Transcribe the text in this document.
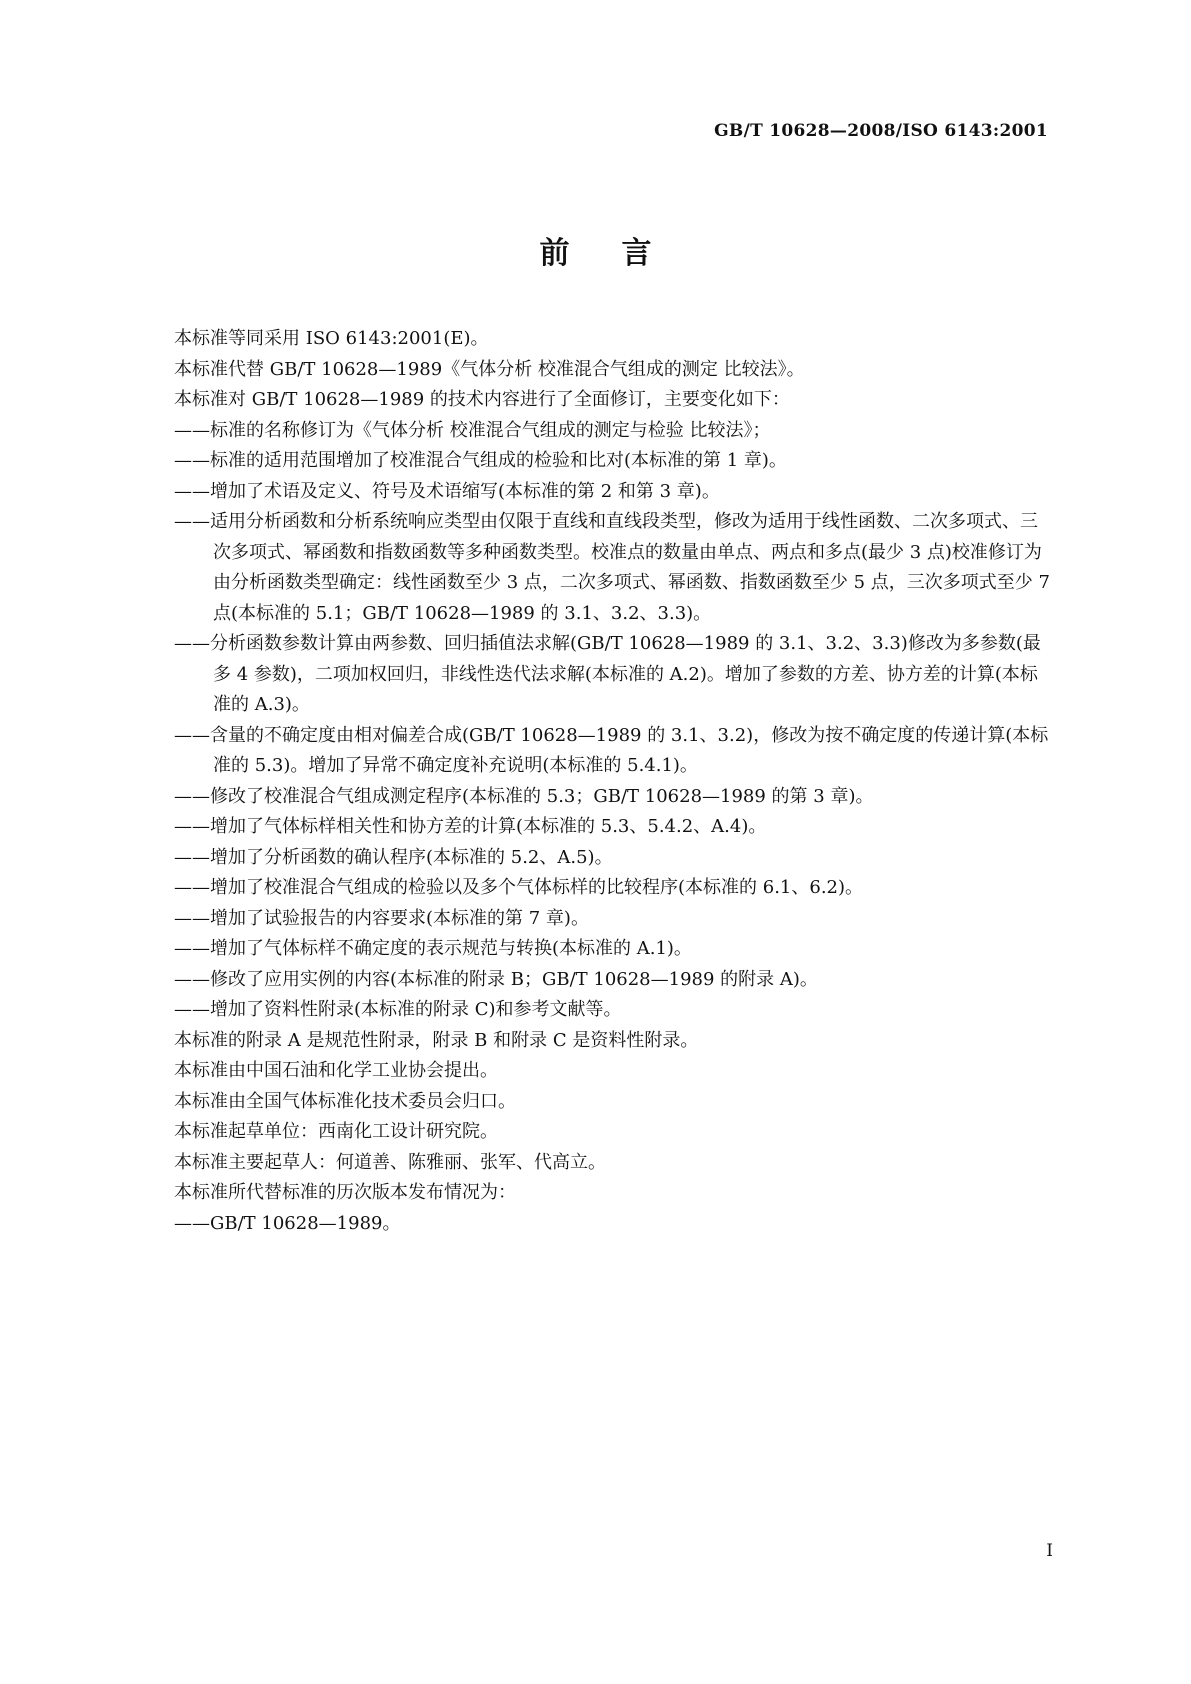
GB/T 10628—2008/ISO 6143:2001
前 言

本标准等同采用 ISO 6143:2001(E)。

本标准代替 GB/T 10628—1989《气体分析 校准混合气组成的测定 比较法》。

本标准对 GB/T 10628—1989 的技术内容进行了全面修订，主要变化如下：

——标准的名称修订为《气体分析 校准混合气组成的测定与检验 比较法》；

——标准的适用范围增加了校准混合气组成的检验和比对(本标准的第 1 章)。

——增加了术语及定义、符号及术语缩写(本标准的第 2 和第 3 章)。

——适用分析函数和分析系统响应类型由仅限于直线和直线段类型，修改为适用于线性函数、二次多项式、三次多项式、幂函数和指数函数等多种函数类型。校准点的数量由单点、两点和多点(最少 3 点)校准修订为由分析函数类型确定：线性函数至少 3 点，二次多项式、幂函数、指数函数至少 5 点，三次多项式至少 7 点(本标准的 5.1；GB/T 10628—1989 的 3.1、3.2、3.3)。

——分析函数参数计算由两参数、回归插值法求解(GB/T 10628—1989 的 3.1、3.2、3.3)修改为多参数(最多 4 参数)，二项加权回归，非线性迭代法求解(本标准的 A.2)。增加了参数的方差、协方差的计算(本标准的 A.3)。

——含量的不确定度由相对偏差合成(GB/T 10628—1989 的 3.1、3.2)，修改为按不确定度的传递计算(本标准的 5.3)。增加了异常不确定度补充说明(本标准的 5.4.1)。

——修改了校准混合气组成测定程序(本标准的 5.3；GB/T 10628—1989 的第 3 章)。

——增加了气体标样相关性和协方差的计算(本标准的 5.3、5.4.2、A.4)。

——增加了分析函数的确认程序(本标准的 5.2、A.5)。

——增加了校准混合气组成的检验以及多个气体标样的比较程序(本标准的 6.1、6.2)。

——增加了试验报告的内容要求(本标准的第 7 章)。

——增加了气体标样不确定度的表示规范与转换(本标准的 A.1)。

——修改了应用实例的内容(本标准的附录 B；GB/T 10628—1989 的附录 A)。

——增加了资料性附录(本标准的附录 C)和参考文献等。

本标准的附录 A 是规范性附录，附录 B 和附录 C 是资料性附录。

本标准由中国石油和化学工业协会提出。

本标准由全国气体标准化技术委员会归口。

本标准起草单位：西南化工设计研究院。

本标准主要起草人：何道善、陈雅丽、张军、代高立。

本标准所代替标准的历次版本发布情况为：

——GB/T 10628—1989。

I
